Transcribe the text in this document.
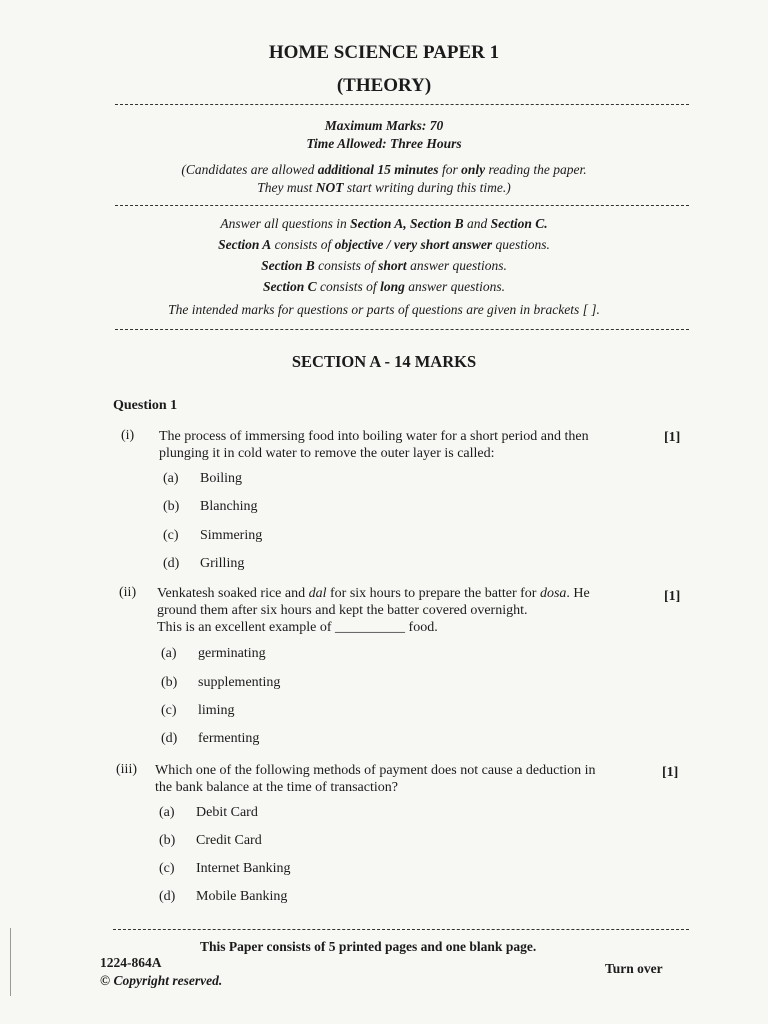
HOME SCIENCE PAPER 1
(THEORY)
Maximum Marks: 70
Time Allowed: Three Hours
(Candidates are allowed additional 15 minutes for only reading the paper.
They must NOT start writing during this time.)
Answer all questions in Section A, Section B and Section C.
Section A consists of objective / very short answer questions.
Section B consists of short answer questions.
Section C consists of long answer questions.
The intended marks for questions or parts of questions are given in brackets [ ].
SECTION A - 14 MARKS
Question 1
(i) The process of immersing food into boiling water for a short period and then
plunging it in cold water to remove the outer layer is called:
[1]
(a) Boiling
(b) Blanching
(c) Simmering
(d) Grilling
(ii) Venkatesh soaked rice and dal for six hours to prepare the batter for dosa. He
ground them after six hours and kept the batter covered overnight.
This is an excellent example of __________ food.
[1]
(a) germinating
(b) supplementing
(c) liming
(d) fermenting
(iii) Which one of the following methods of payment does not cause a deduction in
the bank balance at the time of transaction?
[1]
(a) Debit Card
(b) Credit Card
(c) Internet Banking
(d) Mobile Banking
This Paper consists of 5 printed pages and one blank page.
1224-864A
© Copyright reserved.
Turn over
